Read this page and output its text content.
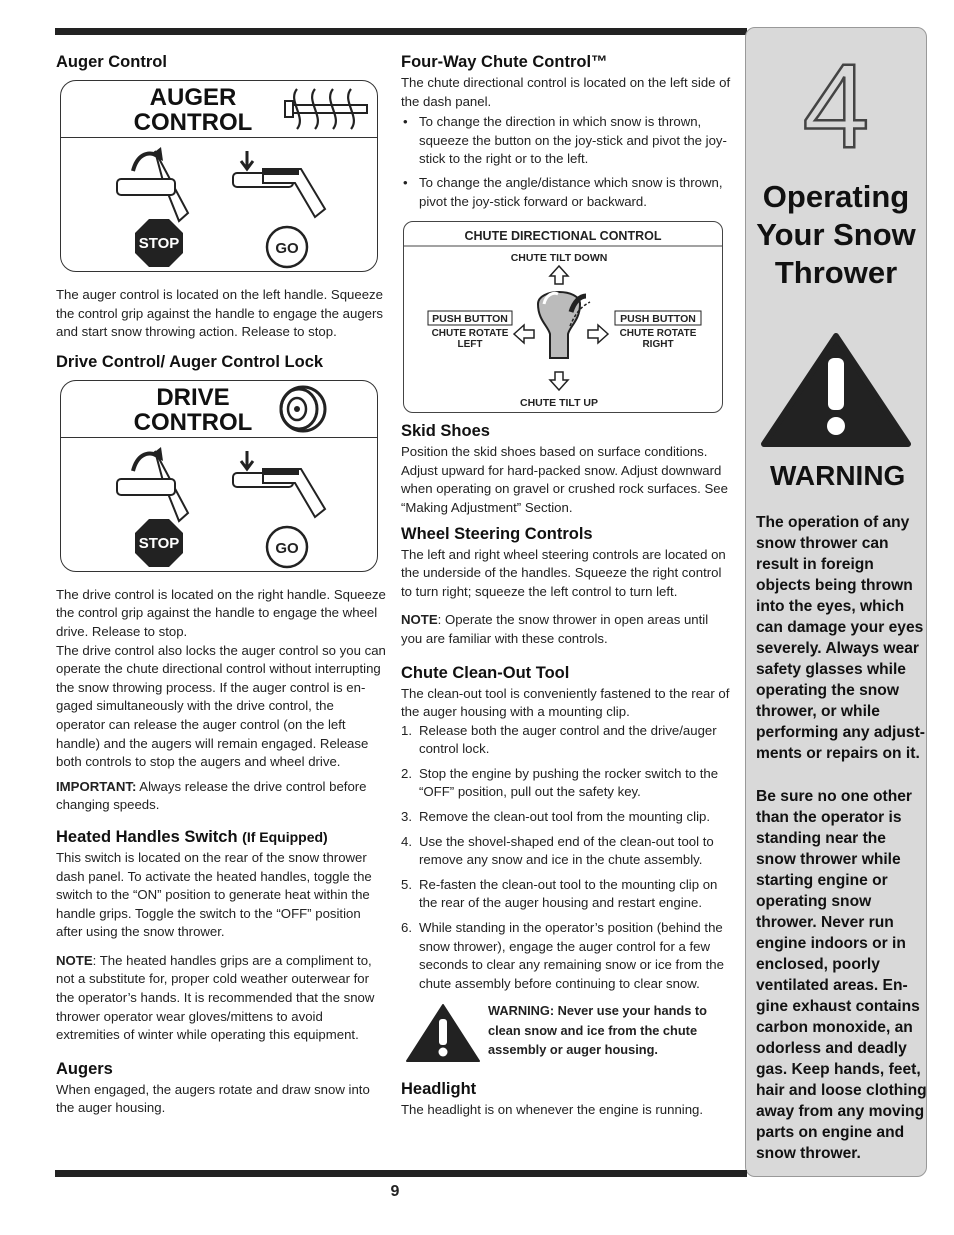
Auger Control
AUGER
CONTROL
STOP	GO

The auger control is located on the left handle. Squeeze the control grip against the handle to engage the augers and start snow throwing action. Release to stop.

Drive Control/ Auger Control Lock
DRIVE
CONTROL
STOP	GO

The drive control is located on the right handle. Squeeze the control grip against the handle to engage the wheel drive. Release to stop.

The drive control also locks the auger control so you can operate the chute directional control without interrupting the snow throwing process. If the auger control is en-gaged simultaneously with the drive control, the operator can release the auger control (on the left handle) and the augers will remain engaged. Release both controls to stop the augers and wheel drive.

IMPORTANT: Always release the drive control before changing speeds.

Heated Handles Switch (If Equipped)

This switch is located on the rear of the snow thrower dash panel. To activate the heated handles, toggle the switch to the “ON” position to generate heat within the handle grips. Toggle the switch to the “OFF” position after using the snow thrower.

NOTE: The heated handles grips are a compliment to, not a substitute for, proper cold weather outerwear for the operator’s hands. It is recommended that the snow thrower operator wear gloves/mittens to avoid extremities of winter while operating this equipment.

Augers

When engaged, the augers rotate and draw snow into the auger housing.

Four-Way Chute Control™

The chute directional control is located on the left side of the dash panel.

• To change the direction in which snow is thrown, squeeze the button on the joy-stick and pivot the joy-stick to the right or to the left.
• To change the angle/distance which snow is thrown, pivot the joy-stick forward or backward.
CHUTE DIRECTIONAL CONTROL
CHUTE TILT DOWN
CHUTE TILT UP
PUSH BUTTON
CHUTE ROTATE
LEFT
PUSH BUTTON
CHUTE ROTATE
RIGHT
Skid Shoes

Position the skid shoes based on surface conditions. Adjust upward for hard-packed snow. Adjust downward when operating on gravel or crushed rock surfaces. See “Making Adjustment” Section.

Wheel Steering Controls

The left and right wheel steering controls are located on the underside of the handles. Squeeze the right control to turn right; squeeze the left control to turn left.

NOTE: Operate the snow thrower in open areas until you are familiar with these controls.

Chute Clean-Out Tool

The clean-out tool is conveniently fastened to the rear of the auger housing with a mounting clip.

1. Release both the auger control and the drive/auger control lock.
2. Stop the engine by pushing the rocker switch to the “OFF” position, pull out the safety key.
3. Remove the clean-out tool from the mounting clip.
4. Use the shovel-shaped end of the clean-out tool to remove any snow and ice in the chute assembly.
5. Re-fasten the clean-out tool to the mounting clip on the rear of the auger housing and restart engine.
6. While standing in the operator’s position (behind the snow thrower), engage the auger control for a few seconds to clear any remaining snow or ice from the chute assembly before continuing to clear snow.
WARNING: Never use your hands to clean snow and ice from the chute assembly or auger housing.
Headlight

The headlight is on whenever the engine is running.

4
Operating
Your Snow
Thrower
WARNING

The operation of any snow thrower can result in foreign objects being thrown into the eyes, which can damage your eyes severely. Always wear safety glasses while operating the snow thrower, or while performing any adjust-ments or repairs on it.

Be sure no one other than the operator is standing near the snow thrower while starting engine or operating snow thrower. Never run engine indoors or in enclosed, poorly ventilated areas. En-gine exhaust contains carbon monoxide, an odorless and deadly gas. Keep hands, feet, hair and loose clothing away from any moving parts on engine and snow thrower.

9
